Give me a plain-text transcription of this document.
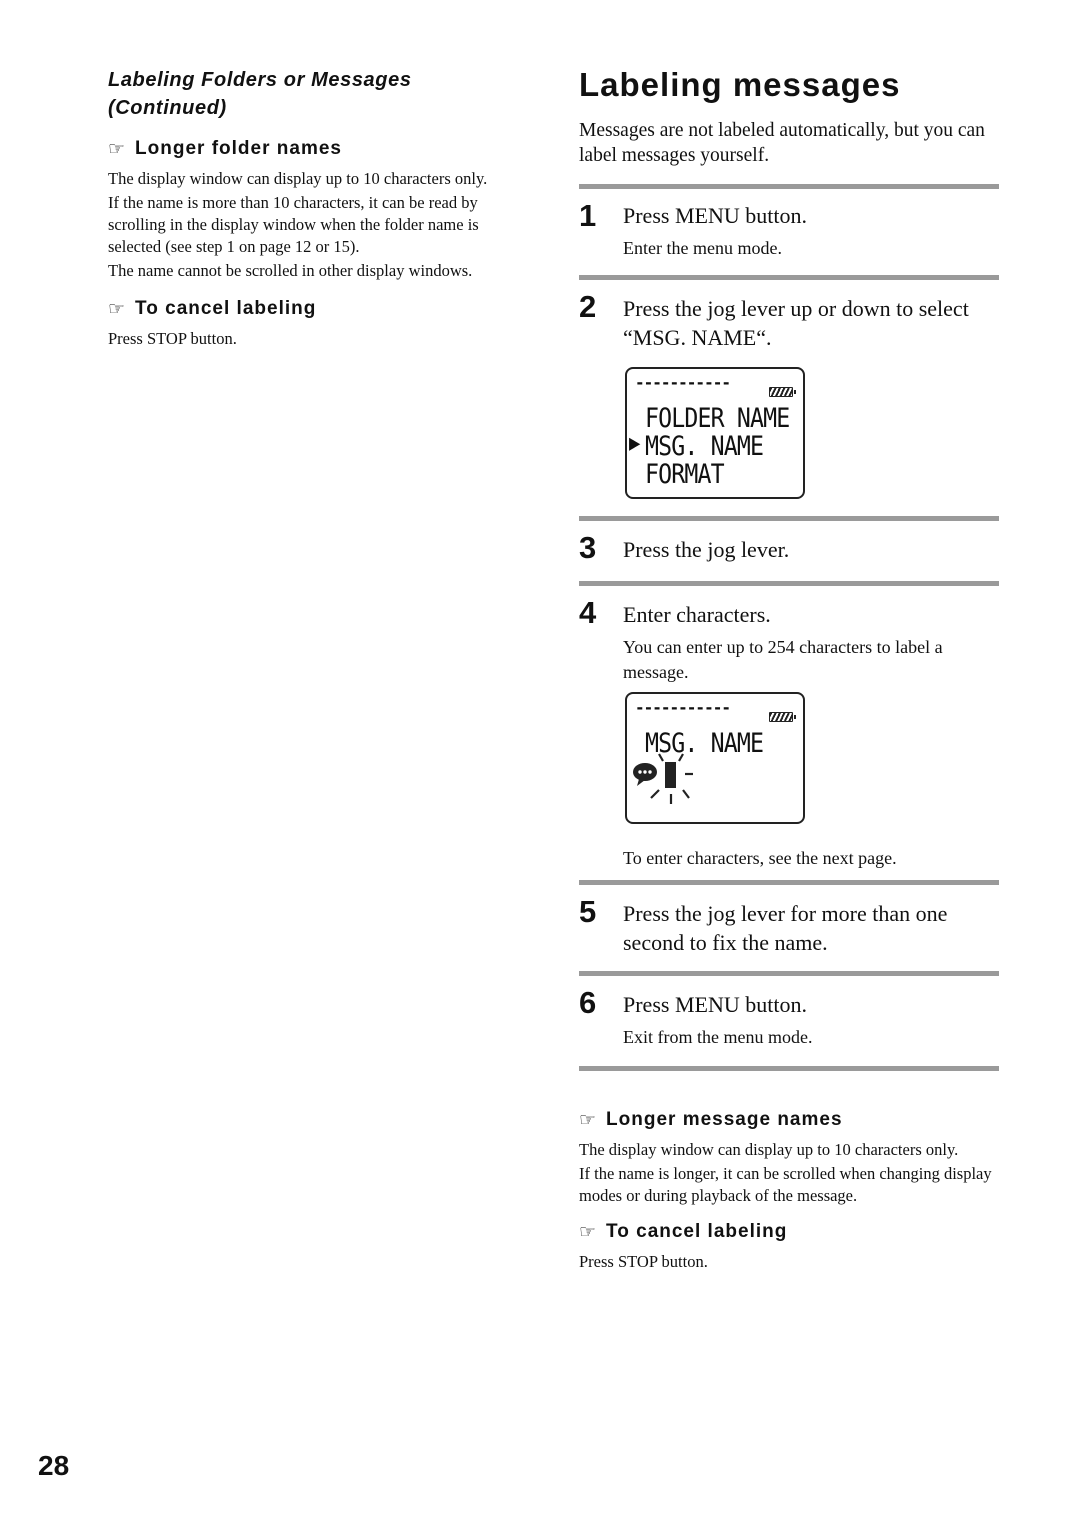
Labeling Folders or Messages (Continued)

☞ Longer folder names

The display window can display up to 10 characters only.

If the name is more than 10 characters, it can be read by scrolling in the display window when the folder name is selected (see step 1 on page 12 or 15).

The name cannot be scrolled in other display windows.

☞ To cancel labeling

Press STOP button.

Labeling messages

Messages are not labeled automatically, but you can label messages yourself.

1	Press MENU button.
Enter the menu mode.
2	Press the jog lever up or down to select “MSG. NAME“.
-----------
FOLDER NAME
▶ MSG. NAME
FORMAT
3	Press the jog lever.
4	Enter characters.
You can enter up to 254 characters to label a message.
-----------
MSG. NAME
To enter characters, see the next page.
5	Press the jog lever for more than one second to fix the name.
6	Press MENU button.
Exit from the menu mode.
☞ Longer message names

The display window can display up to 10 characters only.

If the name is longer, it can be scrolled when changing display modes or during playback of the message.

☞ To cancel labeling

Press STOP button.

28
